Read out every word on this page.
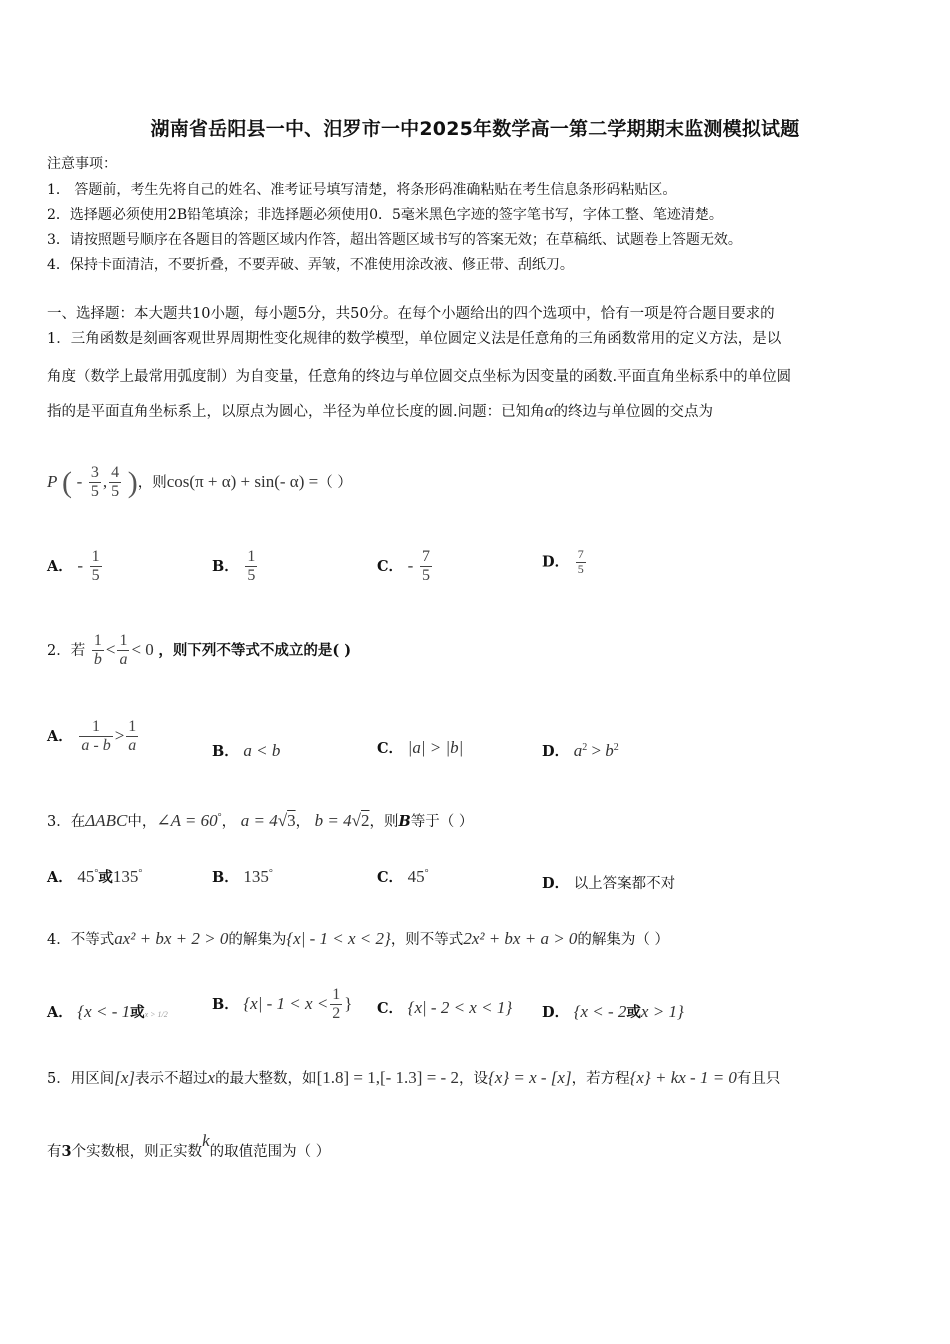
湖南省岳阳县一中、汨罗市一中2025年数学高一第二学期期末监测模拟试题
注意事项：
1． 答题前，考生先将自己的姓名、准考证号填写清楚，将条形码准确粘贴在考生信息条形码粘贴区。
2．选择题必须使用2B铅笔填涂；非选择题必须使用0．5毫米黑色字迹的签字笔书写，字体工整、笔迹清楚。
3．请按照题号顺序在各题目的答题区域内作答，超出答题区域书写的答案无效；在草稿纸、试题卷上答题无效。
4．保持卡面清洁，不要折叠，不要弄破、弄皱，不准使用涂改液、修正带、刮纸刀。
一、选择题：本大题共10小题，每小题5分，共50分。在每个小题给出的四个选项中，恰有一项是符合题目要求的
1．三角函数是刻画客观世界周期性变化规律的数学模型，单位圆定义法是任意角的三角函数常用的定义方法，是以
角度（数学上最常用弧度制）为自变量，任意角的终边与单位圆交点坐标为因变量的函数.平面直角坐标系中的单位圆
指的是平面直角坐标系上，以原点为圆心，半径为单位长度的圆.问题：已知角α的终边与单位圆的交点为
P ( - $\frac{3}{5}$ , $\frac{4}{5}$ )，则cos(π + α) + sin(- α) =（ ）
A． - $\frac{1}{5}$	B． $\frac{1}{5}$	C． - $\frac{7}{5}$	D． $\frac{7}{5}$
2．若 $\frac{1}{b} < \frac{1}{a} < 0$ ，则下列不等式不成立的是( )
A． $\frac{1}{a - b} > \frac{1}{a}$	B． a < b	C． |a| > |b|	D． $a^2 > b^2$
3．在ΔABC中，∠A = 60°， a = 4√3， b = 4√2，则B等于（ ）
A． 45°或135°	B． 135°	C． 45°
D． 以上答案都不对
4．不等式ax² + bx + 2 > 0的解集为{x| - 1 < x < 2}，则不等式2x² + bx + a > 0的解集为（ ）
A． {x < - 1或x > 1/2
B． {$x| - 1 < x < \frac{1}{2}$ } C． {x| - 2 < x < 1} D． {x < - 2或x > 1}
5．用区间[x]表示不超过x的最大整数，如[1.8] = 1,[- 1.3] = - 2，设{x} = x - [x]，若方程{x} + kx - 1 = 0有且只
有3个实数根，则正实数k的取值范围为（ ）
